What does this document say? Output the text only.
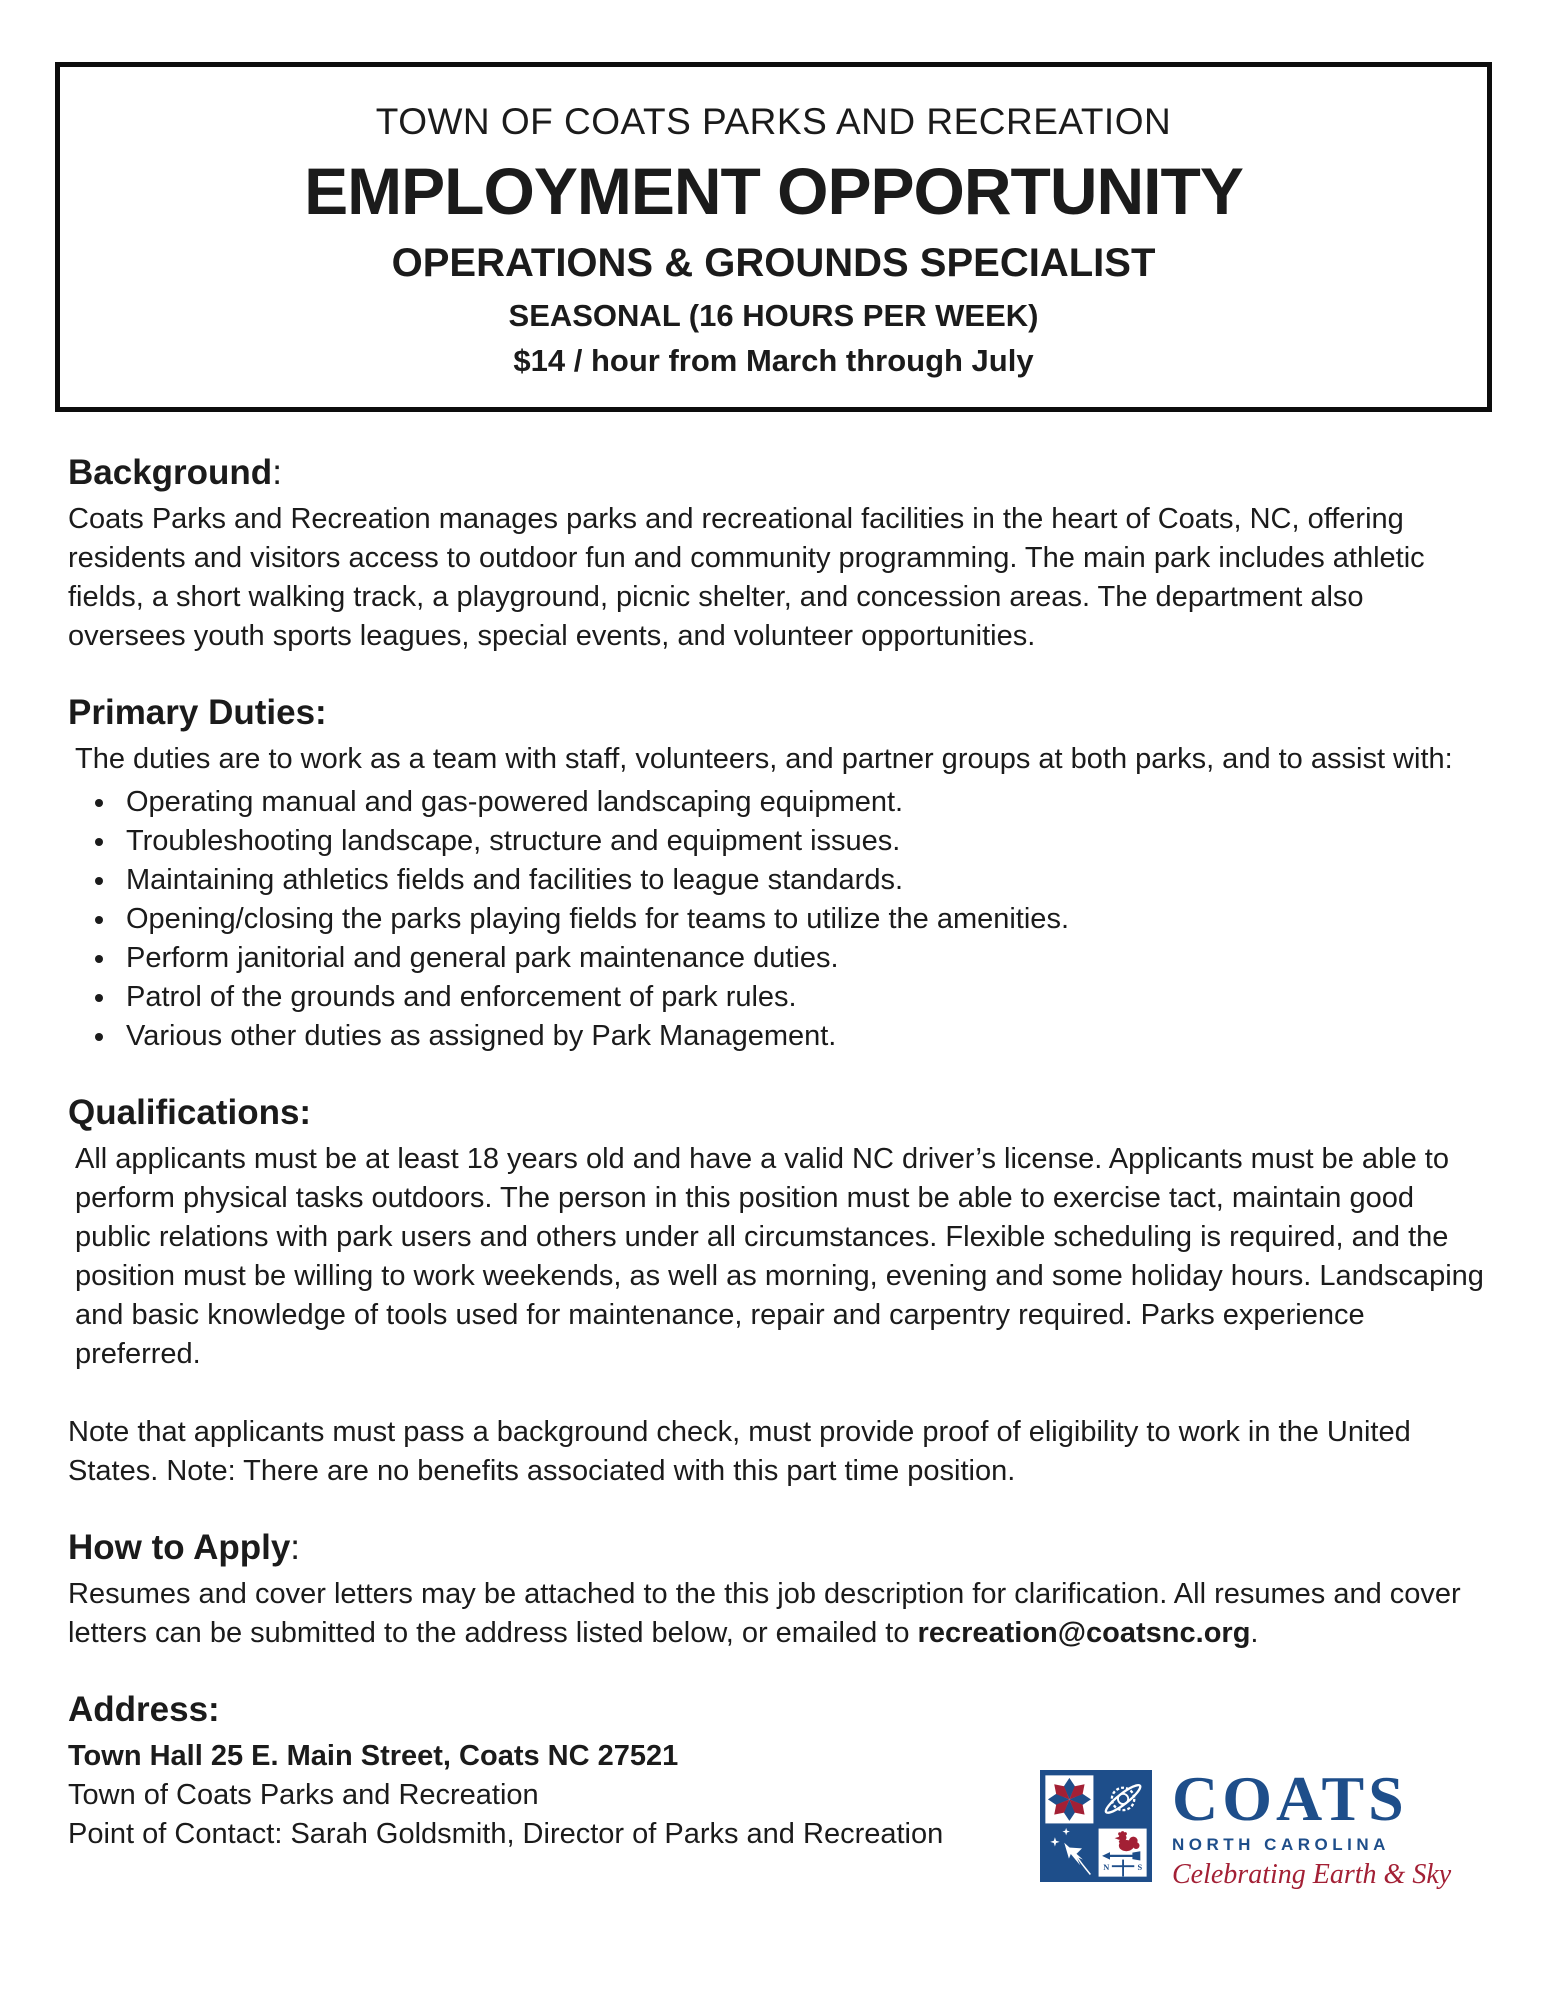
TOWN OF COATS PARKS AND RECREATION
EMPLOYMENT OPPORTUNITY
OPERATIONS & GROUNDS SPECIALIST
SEASONAL (16 HOURS PER WEEK)
$14 / hour from March through July
Background:

Coats Parks and Recreation manages parks and recreational facilities in the heart of Coats, NC, offering residents and visitors access to outdoor fun and community programming. The main park includes athletic fields, a short walking track, a playground, picnic shelter, and concession areas. The department also oversees youth sports leagues, special events, and volunteer opportunities.

Primary Duties:

The duties are to work as a team with staff, volunteers, and partner groups at both parks, and to assist with:

• Operating manual and gas-powered landscaping equipment.
• Troubleshooting landscape, structure and equipment issues.
• Maintaining athletics fields and facilities to league standards.
• Opening/closing the parks playing fields for teams to utilize the amenities.
• Perform janitorial and general park maintenance duties.
• Patrol of the grounds and enforcement of park rules.
• Various other duties as assigned by Park Management.
Qualifications:

All applicants must be at least 18 years old and have a valid NC driver’s license. Applicants must be able to perform physical tasks outdoors. The person in this position must be able to exercise tact, maintain good public relations with park users and others under all circumstances. Flexible scheduling is required, and the position must be willing to work weekends, as well as morning, evening and some holiday hours. Landscaping and basic knowledge of tools used for maintenance, repair and carpentry required. Parks experience preferred.

Note that applicants must pass a background check, must provide proof of eligibility to work in the United States. Note: There are no benefits associated with this part time position.

How to Apply:

Resumes and cover letters may be attached to the this job description for clarification. All resumes and cover letters can be submitted to the address listed below, or emailed to recreation@coatsnc.org.

Address:
Town Hall 25 E. Main Street, Coats NC 27521
Town of Coats Parks and Recreation
Point of Contact: Sarah Goldsmith, Director of Parks and Recreation
N	S
COATS
NORTH CAROLINA
Celebrating Earth & Sky
